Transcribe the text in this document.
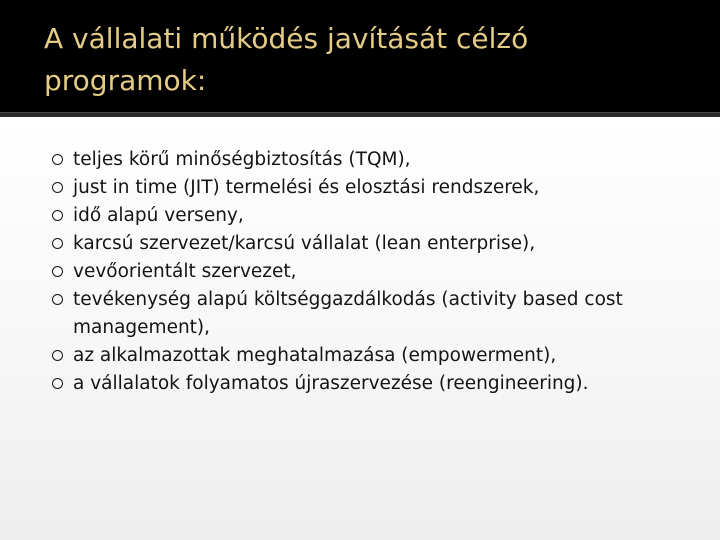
A vállalati működés javítását célzó programok:
teljes körű minőségbiztosítás (TQM),
just in time (JIT) termelési és elosztási rendszerek,
idő alapú verseny,
karcsú szervezet/karcsú vállalat (lean enterprise),
vevőorientált szervezet,
tevékenység alapú költséggazdálkodás (activity based cost management),
az alkalmazottak meghatalmazása (empowerment),
a vállalatok folyamatos újraszervezése (reengineering).
